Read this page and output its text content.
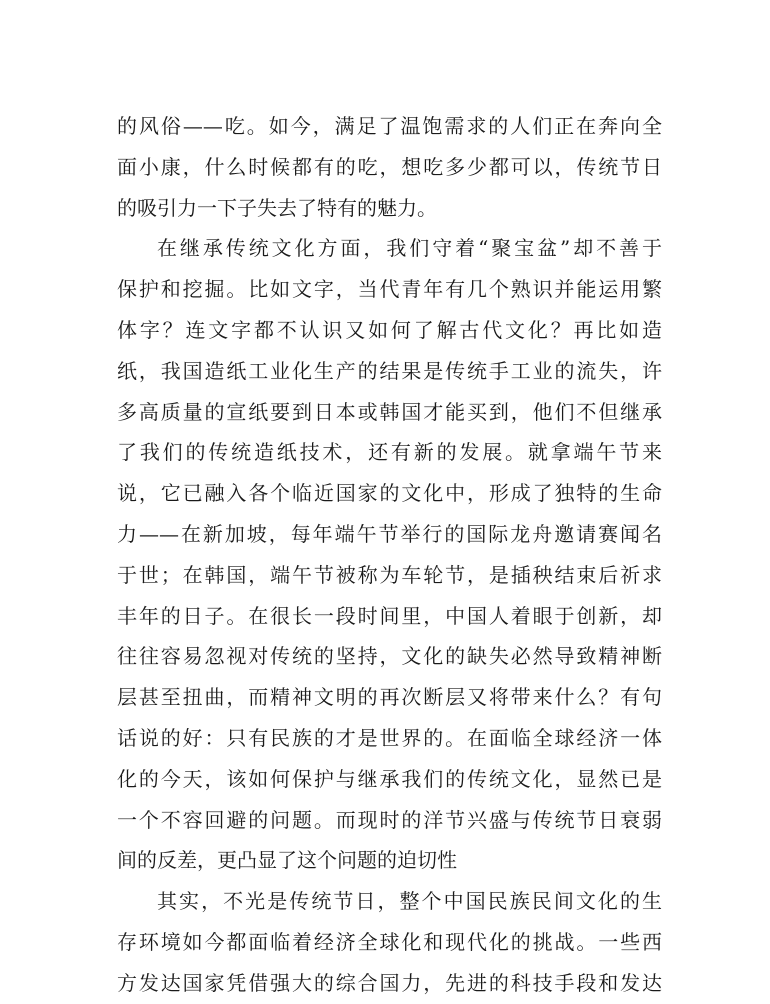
的风俗——吃。如今，满足了温饱需求的人们正在奔向全
面小康，什么时候都有的吃，想吃多少都可以，传统节日
的吸引力一下子失去了特有的魅力。
在继承传统文化方面，我们守着“聚宝盆”却不善于
保护和挖掘。比如文字，当代青年有几个熟识并能运用繁
体字？连文字都不认识又如何了解古代文化？再比如造
纸，我国造纸工业化生产的结果是传统手工业的流失，许
多高质量的宣纸要到日本或韩国才能买到，他们不但继承
了我们的传统造纸技术，还有新的发展。就拿端午节来
说，它已融入各个临近国家的文化中，形成了独特的生命
力——在新加坡，每年端午节举行的国际龙舟邀请赛闻名
于世；在韩国，端午节被称为车轮节，是插秧结束后祈求
丰年的日子。在很长一段时间里，中国人着眼于创新，却
往往容易忽视对传统的坚持，文化的缺失必然导致精神断
层甚至扭曲，而精神文明的再次断层又将带来什么？有句
话说的好：只有民族的才是世界的。在面临全球经济一体
化的今天，该如何保护与继承我们的传统文化，显然已是
一个不容回避的问题。而现时的洋节兴盛与传统节日衰弱
间的反差，更凸显了这个问题的迫切性
其实，不光是传统节日，整个中国民族民间文化的生
存环境如今都面临着经济全球化和现代化的挑战。一些西
方发达国家凭借强大的综合国力，先进的科技手段和发达
